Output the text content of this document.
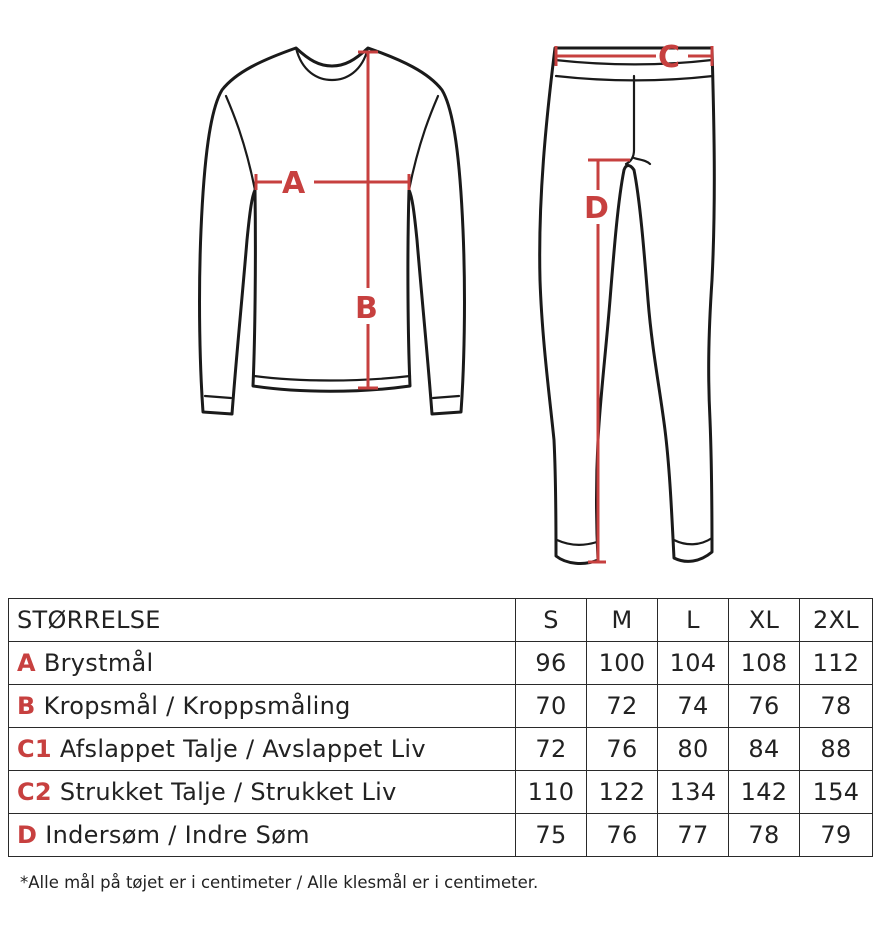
A
B
C
D
STØRRELSE	S	M	L	XL	2XL
A Brystmål	96	100	104	108	112
B Kropsmål / Kroppsmåling	70	72	74	76	78
C1 Afslappet Talje / Avslappet Liv	72	76	80	84	88
C2 Strukket Talje / Strukket Liv	110	122	134	142	154
D Indersøm / Indre Søm	75	76	77	78	79
*Alle mål på tøjet er i centimeter / Alle klesmål er i centimeter.
